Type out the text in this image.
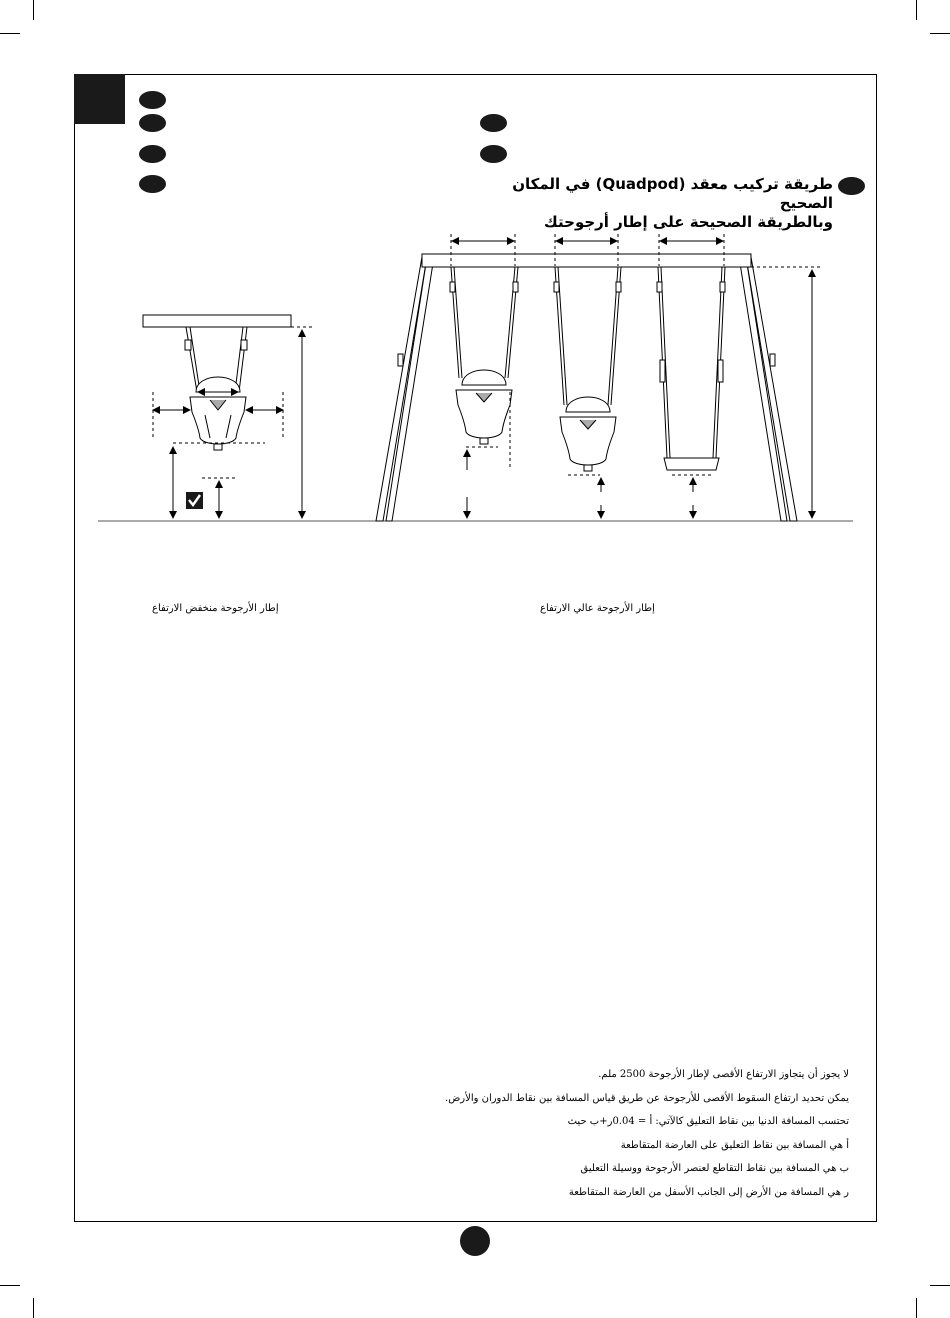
طريقة تركيب معقد (Quadpod) في المكان الصحيح
وبالطريقة الصحيحة على إطار أرجوحتك
إطار الأرجوحة منخفض الارتفاع	إطار الأرجوحة عالي الارتفاع
لا يجوز أن يتجاوز الارتفاع الأقصى لإطار الأرجوحة 2500 ملم.
يمكن تحديد ارتفاع السقوط الأقصى للأرجوحة عن طريق قياس المسافة بين نقاط الدوران والأرض.
تحتسب المسافة الدنيا بين نقاط التعليق كالآتي: أ = 0.04ر+ب حيث
أ هي المسافة بين نقاط التعليق على العارضة المتقاطعة
ب هي المسافة بين نقاط التقاطع لعنصر الأرجوحة ووسيلة التعليق
ر هي المسافة من الأرض إلى الجانب الأسفل من العارضة المتقاطعة
